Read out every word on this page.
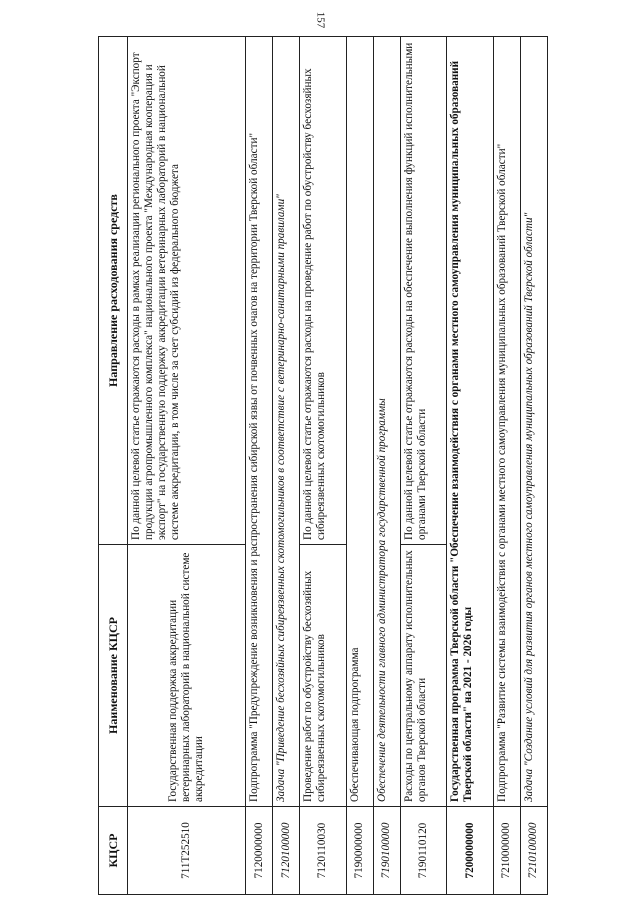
157
КЦСР	Наименование КЦСР	Направление расходования средств
711Т252510	Государственная поддержка аккредитации ветеринарных лабораторий в национальной системе аккредитации	По данной целевой статье отражаются расходы в рамках реализации регионального проекта "Экспорт продукции агропромышленного комплекса" национального проекта "Международная кооперация и экспорт" на государственную поддержку аккредитации ветеринарных лабораторий в национальной системе аккредитации, в том числе за счет субсидий из федерального бюджета
7120000000	Подпрограмма "Предупреждение возникновения и распространения сибирской язвы от почвенных очагов на территории Тверской области"	
7120100000	Задача "Приведение бесхозяйных сибиреязвенных скотомогильников в соответствие с ветеринарно-санитарными правилами"	
7120110030	Проведение работ по обустройству бесхозяйных сибиреязвенных скотомогильников	По данной целевой статье отражаются расходы на проведение работ по обустройству бесхозяйных сибиреязвенных скотомогильников
7190000000	Обеспечивающая подпрограмма	
7190100000	Обеспечение деятельности главного администратора государственной программы	
7190110120	Расходы по центральному аппарату исполнительных органов Тверской области	По данной целевой статье отражаются расходы на обеспечение выполнения функций исполнительными органами Тверской области
7200000000	Государственная программа Тверской области "Обеспечение взаимодействия с органами местного самоуправления муниципальных образований Тверской области" на 2021 - 2026 годы	
7210000000	Подпрограмма "Развитие системы взаимодействия с органами местного самоуправления муниципальных образований Тверской области"	
7210100000	Задача "Создание условий для развития органов местного самоуправления муниципальных образований Тверской области"	
